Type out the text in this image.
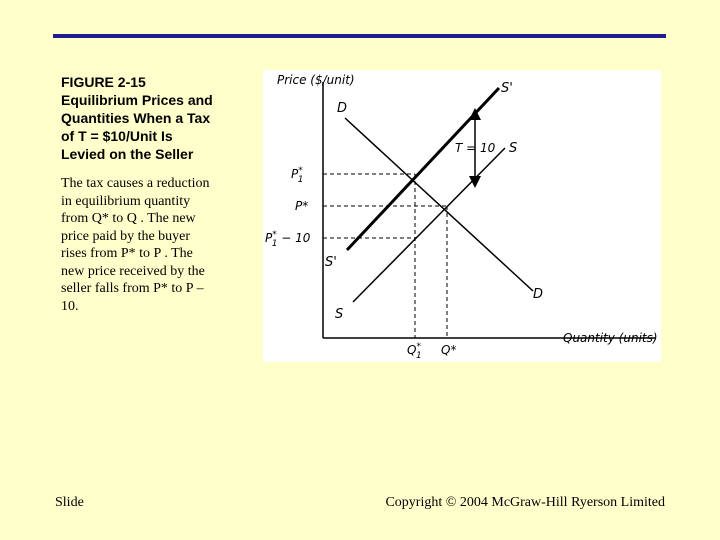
FIGURE 2-15
Equilibrium Prices and
Quantities When a Tax
of T = $10/Unit Is
Levied on the Seller
The tax causes a reduction
in equilibrium quantity
from Q* to Q . The new
price paid by the buyer
rises from P* to P . The
new price received by the
seller falls from P* to P –
10.
Price ($/unit)
Quantity (units)
D
D
S
S
S'
S'
T = 10
P* 1
P*
P* 1 − 10
Q* 1 Q*
Slide	Copyright © 2004 McGraw-Hill Ryerson Limited
